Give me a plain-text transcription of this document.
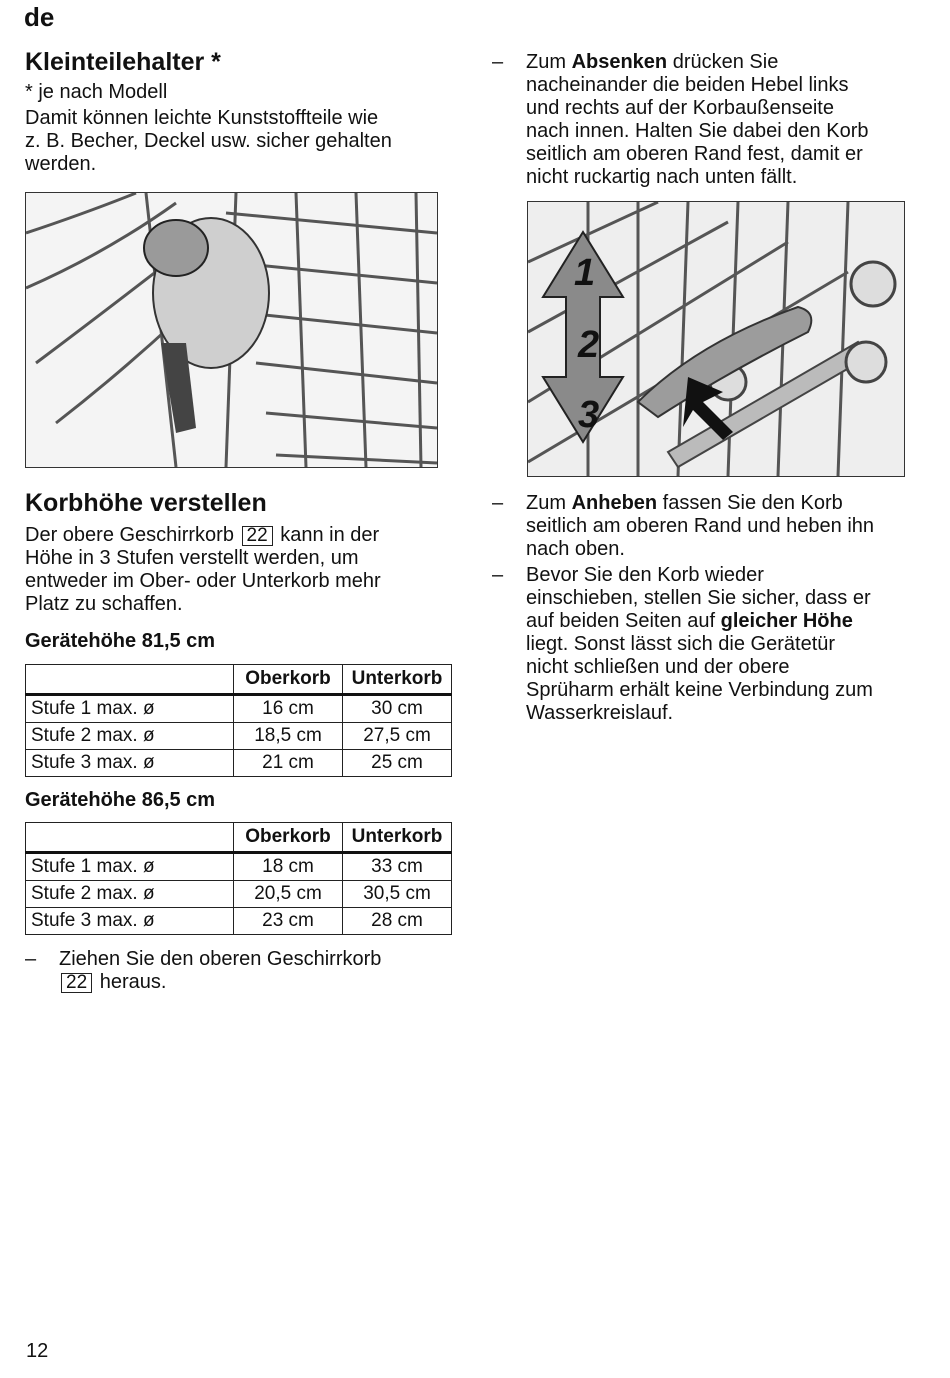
de
Kleinteilehalter *

* je nach Modell

Damit können leichte Kunststoffteile wie

z. B. Becher, Deckel usw. sicher gehalten

werden.

– Zum Absenken drücken Sie
nacheinander die beiden Hebel links
und rechts auf der Korbaußenseite
nach innen. Halten Sie dabei den Korb
seitlich am oberen Rand fest, damit er
nicht ruckartig nach unten fällt.

1
2
3
Korbhöhe verstellen

Der obere Geschirrkorb 22 kann in der

Höhe in 3 Stufen verstellt werden, um

entweder im Ober- oder Unterkorb mehr

Platz zu schaffen.

Gerätehöhe 81,5 cm
	Oberkorb	Unterkorb
Stufe 1 max. ø	16 cm	30 cm
Stufe 2 max. ø	18,5 cm	27,5 cm
Stufe 3 max. ø	21 cm	25 cm
Gerätehöhe 86,5 cm
	Oberkorb	Unterkorb
Stufe 1 max. ø	18 cm	33 cm
Stufe 2 max. ø	20,5 cm	30,5 cm
Stufe 3 max. ø	23 cm	28 cm

– Ziehen Sie den oberen Geschirrkorb
22 heraus.

– Zum Anheben fassen Sie den Korb
seitlich am oberen Rand und heben ihn
nach oben.

– Bevor Sie den Korb wieder
einschieben, stellen Sie sicher, dass er
auf beiden Seiten auf gleicher Höhe
liegt. Sonst lässt sich die Gerätetür
nicht schließen und der obere
Sprüharm erhält keine Verbindung zum
Wasserkreislauf.

12
